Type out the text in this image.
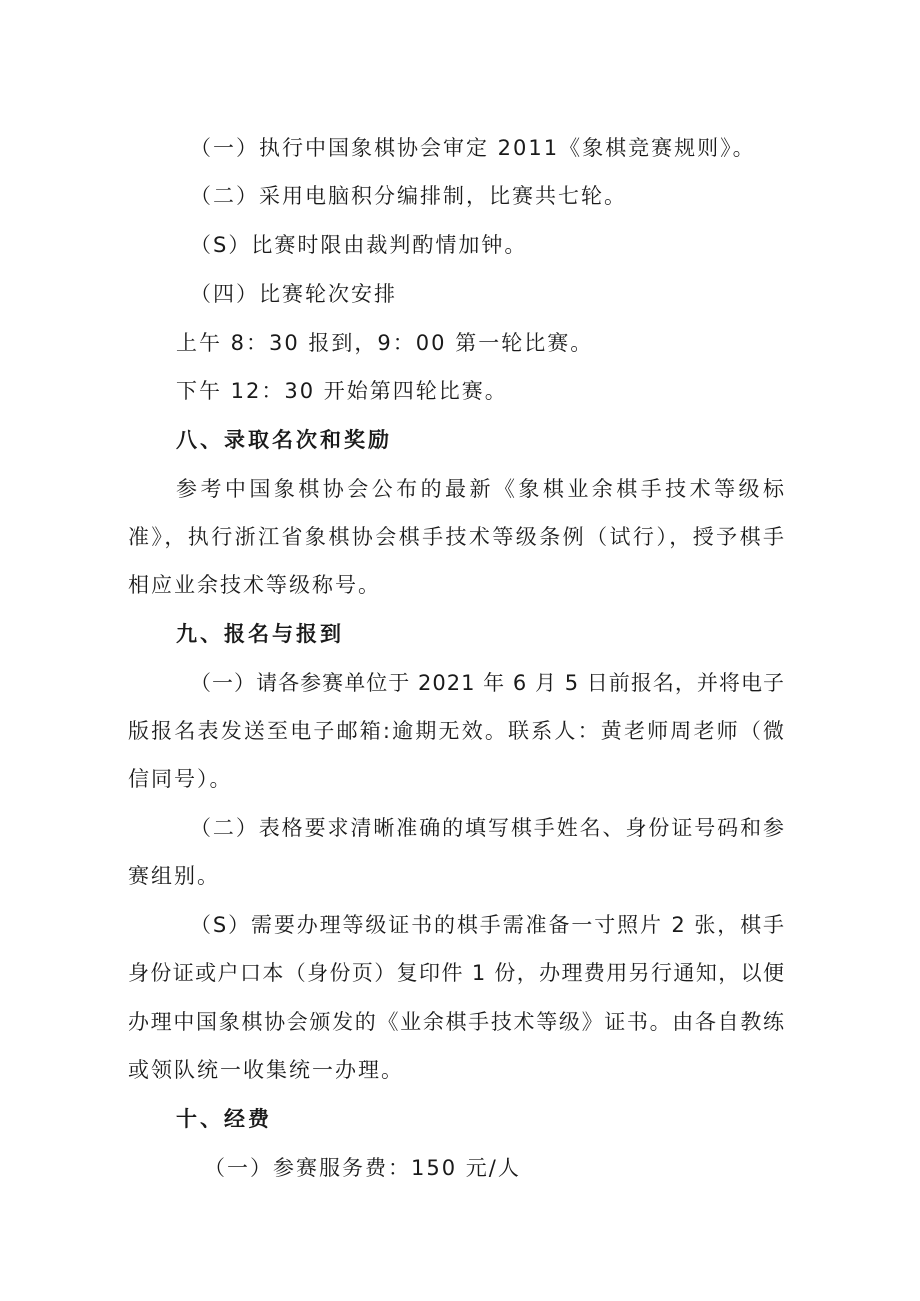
（一）执行中国象棋协会审定 2011《象棋竞赛规则》。
（二）采用电脑积分编排制，比赛共七轮。
（S）比赛时限由裁判酌情加钟。
（四）比赛轮次安排
上午 8：30 报到，9：00 第一轮比赛。
下午 12：30 开始第四轮比赛。
八、录取名次和奖励
参考中国象棋协会公布的最新《象棋业余棋手技术等级标
准》，执行浙江省象棋协会棋手技术等级条例（试行），授予棋手
相应业余技术等级称号。
九、报名与报到
（一）请各参赛单位于 2021 年 6 月 5 日前报名，并将电子
版报名表发送至电子邮箱:逾期无效。联系人：黄老师周老师（微
信同号）。
（二）表格要求清晰准确的填写棋手姓名、身份证号码和参
赛组别。
（S）需要办理等级证书的棋手需准备一寸照片 2 张，棋手
身份证或户口本（身份页）复印件 1 份，办理费用另行通知，以便
办理中国象棋协会颁发的《业余棋手技术等级》证书。由各自教练
或领队统一收集统一办理。
十、经费
（一）参赛服务费：150 元/人
